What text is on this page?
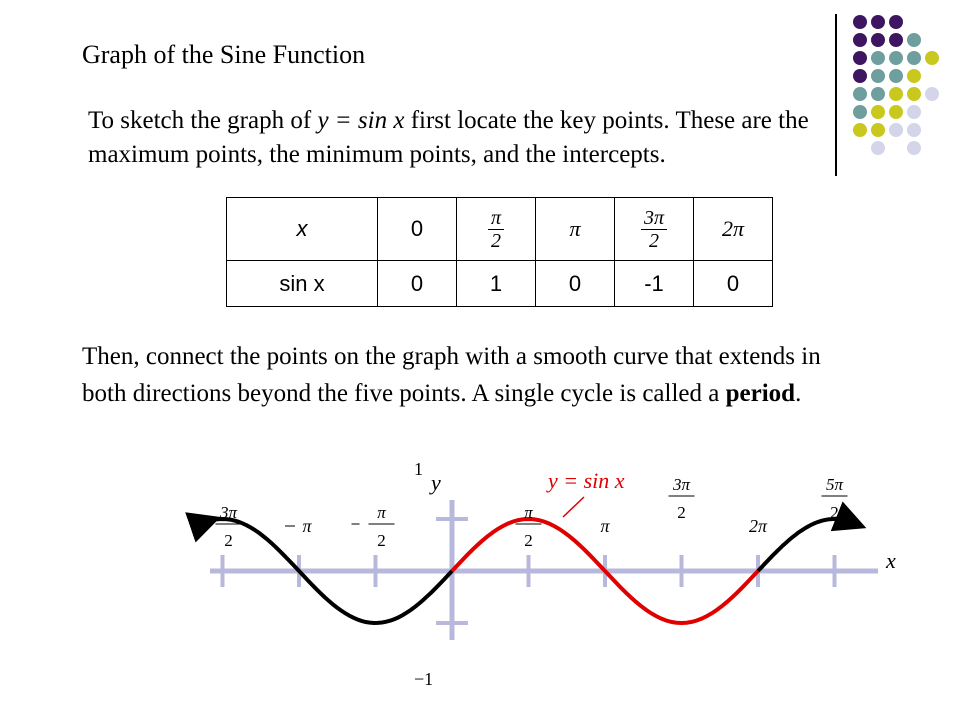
Graph of the Sine Function
To sketch the graph of y = sin x first locate the key points. These are the maximum points, the minimum points, and the intercepts.
x	0	$\frac{\pi}{2}$	π	$\frac{3\pi}{2}$	2π
sin x	0	1	0	-1	0
Then, connect the points on the graph with a smooth curve that extends in both directions beyond the five points. A single cycle is called a period.
1
−1
y = sin x
y
x
3π
2
π
π
2
π
2
π
3π
2
2π
5π
2
